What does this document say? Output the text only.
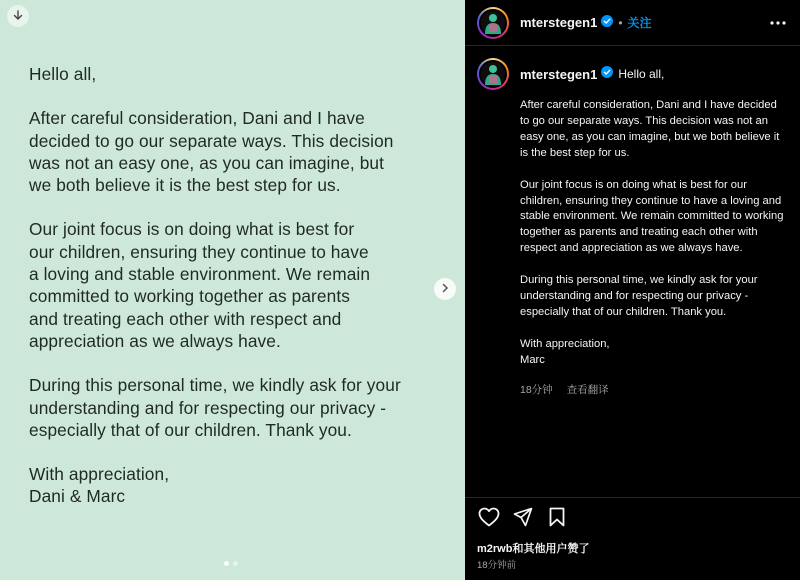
Hello all,

After careful consideration, Dani and I have
decided to go our separate ways. This decision
was not an easy one, as you can imagine, but
we both believe it is the best step for us.

Our joint focus is on doing what is best for
our children, ensuring they continue to have
a loving and stable environment. We remain
committed to working together as parents
and treating each other with respect and
appreciation as we always have.

During this personal time, we kindly ask for your
understanding and for respecting our privacy -
especially that of our children. Thank you.

With appreciation,
Dani & Marc

mterstegen1 • 关注
mterstegen1 Hello all,

After careful consideration, Dani and I have decided to go our separate ways. This decision was not an easy one, as you can imagine, but we both believe it is the best step for us.

Our joint focus is on doing what is best for our children, ensuring they continue to have a loving and stable environment. We remain committed to working together as parents and treating each other with respect and appreciation as we always have.

During this personal time, we kindly ask for your understanding and for respecting our privacy - especially that of our children. Thank you.

With appreciation,
Marc

18分钟 查看翻译
m2rwb和其他用户赞了
18分钟前
